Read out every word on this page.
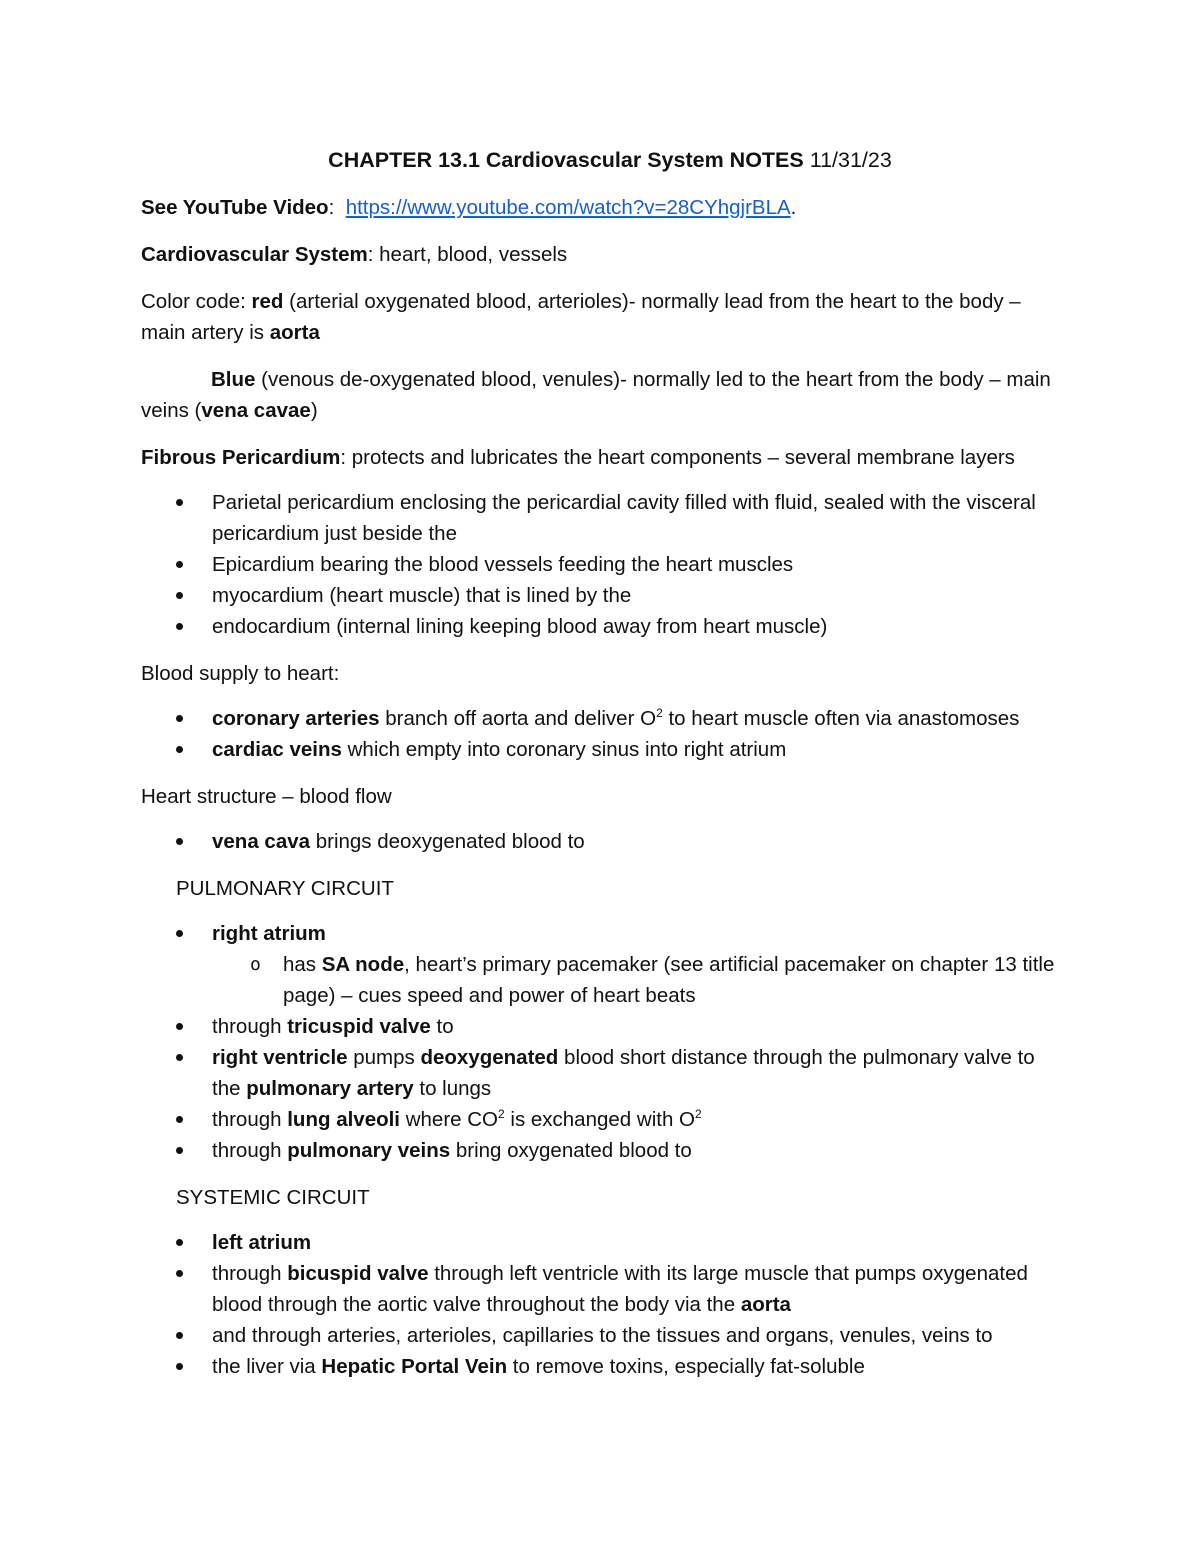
CHAPTER 13.1 Cardiovascular System NOTES 11/31/23

See YouTube Video: https://www.youtube.com/watch?v=28CYhgjrBLA.

Cardiovascular System: heart, blood, vessels

Color code: red (arterial oxygenated blood, arterioles)- normally lead from the heart to the body – main artery is aorta

Blue (venous de-oxygenated blood, venules)- normally led to the heart from the body – main veins (vena cavae)

Fibrous Pericardium: protects and lubricates the heart components – several membrane layers

Parietal pericardium enclosing the pericardial cavity filled with fluid, sealed with the visceral pericardium just beside the
Epicardium bearing the blood vessels feeding the heart muscles
myocardium (heart muscle) that is lined by the
endocardium (internal lining keeping blood away from heart muscle)

Blood supply to heart:

coronary arteries branch off aorta and deliver $O^2$ to heart muscle often via anastomoses
cardiac veins which empty into coronary sinus into right atrium

Heart structure – blood flow

vena cava brings deoxygenated blood to

PULMONARY CIRCUIT

right atrium
o has SA node, heart’s primary pacemaker (see artificial pacemaker on chapter 13 title page) – cues speed and power of heart beats
through tricuspid valve to
right ventricle pumps deoxygenated blood short distance through the pulmonary valve to the pulmonary artery to lungs
through lung alveoli where $CO^2$ is exchanged with $O^2$
through pulmonary veins bring oxygenated blood to

SYSTEMIC CIRCUIT

left atrium
through bicuspid valve through left ventricle with its large muscle that pumps oxygenated blood through the aortic valve throughout the body via the aorta
and through arteries, arterioles, capillaries to the tissues and organs, venules, veins to
the liver via Hepatic Portal Vein to remove toxins, especially fat-soluble
